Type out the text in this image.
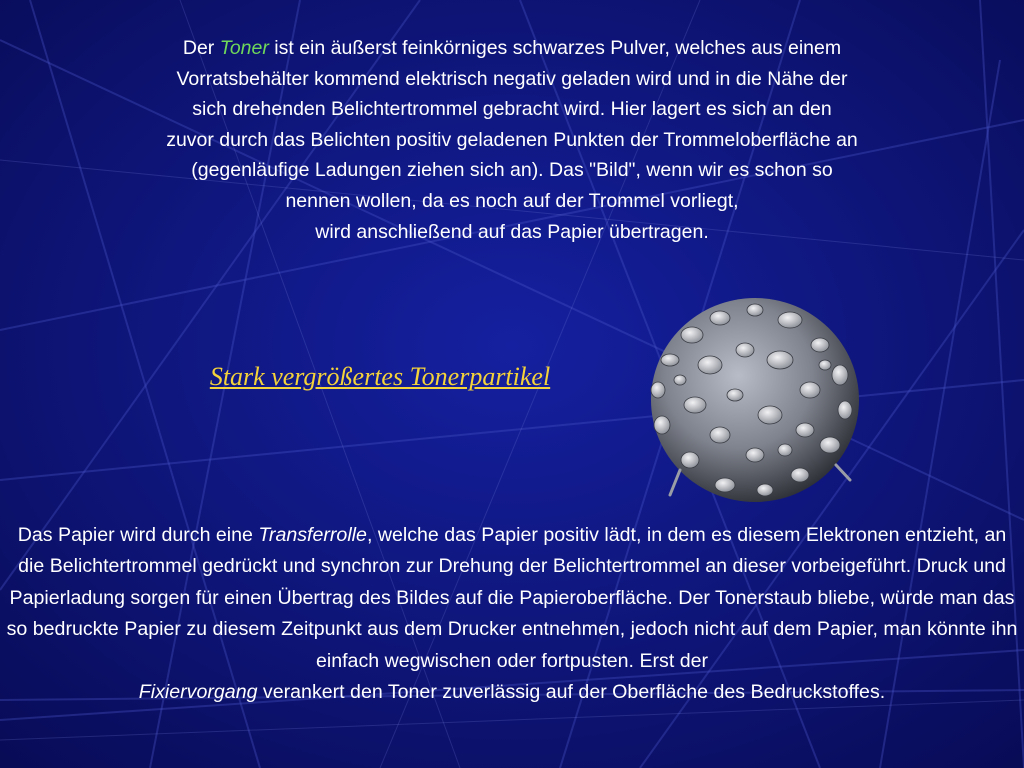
Der Toner ist ein äußerst feinkörniges schwarzes Pulver, welches aus einem
Vorratsbehälter kommend elektrisch negativ geladen wird und in die Nähe der
sich drehenden Belichtertrommel gebracht wird. Hier lagert es sich an den
zuvor durch das Belichten positiv geladenen Punkten der Trommeloberfläche an
(gegenläufige Ladungen ziehen sich an). Das "Bild", wenn wir es schon so
nennen wollen, da es noch auf der Trommel vorliegt,
wird anschließend auf das Papier übertragen.

Stark vergrößertes Tonerpartikel

Das Papier wird durch eine Transferrolle, welche das Papier positiv lädt, in dem es diesem Elektronen entzieht, an die Belichtertrommel gedrückt und synchron zur Drehung der Belichtertrommel an dieser vorbeigeführt. Druck und Papierladung sorgen für einen Übertrag des Bildes auf die Papieroberfläche. Der Tonerstaub bliebe, würde man das so bedruckte Papier zu diesem Zeitpunkt aus dem Drucker entnehmen, jedoch nicht auf dem Papier, man könnte ihn einfach wegwischen oder fortpusten. Erst der
Fixiervorgang verankert den Toner zuverlässig auf der Oberfläche des Bedruckstoffes.
